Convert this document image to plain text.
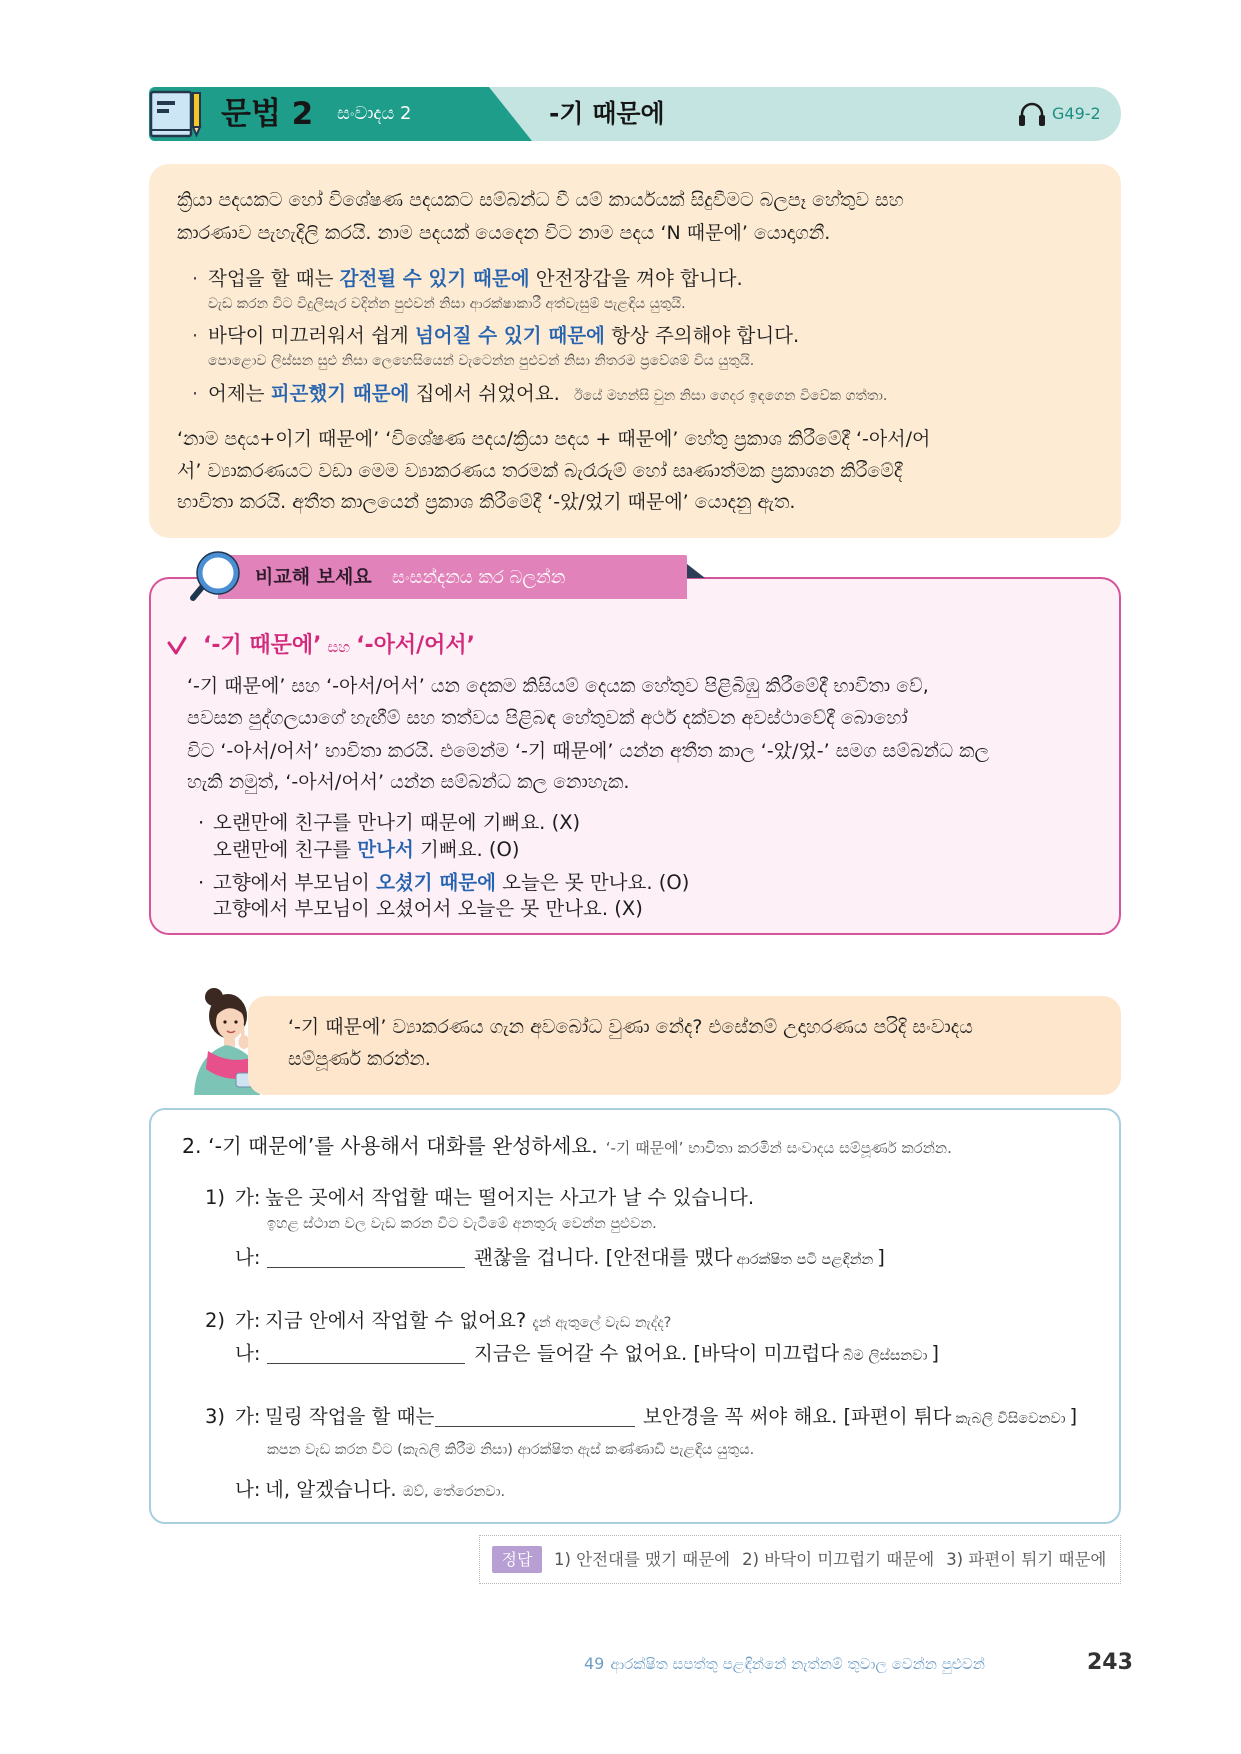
문법 2 සංවාදය 2	-기 때문에	G49-2
ක්‍රියා පදයකට හෝ විශේෂණ පදයකට සම්බන්ධ වී යම් කාර්යයක් සිදුවීමට බලපෑ හේතුව සහ
කාරණාව පැහැදිලි කරයි. නාම පදයක් යෙදෙන විට නාම පදය ‘N 때문에’ යොදාගනී.
· 작업을 할 때는 감전될 수 있기 때문에 안전장갑을 껴야 합니다.
වැඩ කරන විට විදුලිසැර වදින්න පුළුවන් නිසා ආරක්ෂාකාරී අත්වැසුම් පැළඳිය යුතුයි.
· 바닥이 미끄러워서 쉽게 넘어질 수 있기 때문에 항상 주의해야 합니다.
පොළොව ලිස්සන සුළු නිසා ලෙහෙසියෙන් වැටෙන්න පුළුවන් නිසා නිතරම ප්‍රවේශම් විය යුතුයි.
· 어제는 피곤했기 때문에 집에서 쉬었어요. ඊයේ මහන්සි වුන නිසා ගෙදර ඉඳගෙන විවේක ගත්තා.
‘නාම පදය+이기 때문에’ ‘විශේෂණ පදය/ක්‍රියා පදය + 때문에’ හේතු ප්‍රකාශ කිරීමේදී ‘-아서/어
서’ ව්‍යාකරණයට වඩා මෙම ව්‍යාකරණය තරමක් බැරෑරුම් හෝ සෘණාත්මක ප්‍රකාශන කිරීමේදී
භාවිතා කරයි. අතීත කාලයෙන් ප්‍රකාශ කිරීමේදී ‘-았/었기 때문에’ යොදනු ඇත.
‘-기 때문에’ සහ ‘-아서/어서’
‘-기 때문에’ සහ ‘-아서/어서’ යන දෙකම කිසියම් දෙයක හේතුව පිළිබිඹු කිරීමේදී භාවිතා වේ,
පවසන පුද්ගලයාගේ හැඟීම් සහ තත්වය පිළිබඳ හේතුවක් අර්ථ දක්වන අවස්ථාවේදී බොහෝ
විට ‘-아서/어서’ භාවිතා කරයි. එමෙන්ම ‘-기 때문에’ යන්න අතීත කාල ‘-았/었-’ සමග සම්බන්ධ කල
හැකි නමුත්, ‘-아서/어서’ යන්න සම්බන්ධ කල නොහැක.
· 오랜만에 친구를 만나기 때문에 기뻐요. (X)
오랜만에 친구를 만나서 기뻐요. (O)
· 고향에서 부모님이 오셨기 때문에 오늘은 못 만나요. (O)
고향에서 부모님이 오셨어서 오늘은 못 만나요. (X)
비교해 보세요 සංසන්දනය කර බලන්න
‘-기 때문에’ ව්‍යාකරණය ගැන අවබෝධ වුණා නේද? එසේනම් උදාහරණය පරිදි සංවාදය
සම්පූර්ණ කරන්න.
2. ‘-기 때문에’를 사용해서 대화를 완성하세요. ‘-기 때문에’ භාවිතා කරමින් සංවාදය සම්පූර්ණ කරන්න.
1) 가: 높은 곳에서 작업할 때는 떨어지는 사고가 날 수 있습니다.
ඉහළ ස්ථාන වල වැඩ කරන විට වැටීමේ අනතුරු වෙන්න පුළුවන.
나:	괜찮을 겁니다. [안전대를 맸다 ආරක්ෂිත පටි පළඳින්න ]
2) 가: 지금 안에서 작업할 수 없어요? දැන් ඇතුලේ වැඩ නැද්ද?
나:	지금은 들어갈 수 없어요. [바닥이 미끄럽다 බිම ලිස්සනවා ]
3) 가: 밀링 작업을 할 때는	보안경을 꼭 써야 해요. [파편이 튀다 කැබලි විසිවෙනවා ]
කපන වැඩ කරන විට (කැබලි කිරීම නිසා) ආරක්ෂිත ඇස් කණ්ණාඩි පැළඳිය යුතුය.
나: 네, 알겠습니다. ඔව්, තේරෙනවා.
정답	1) 안전대를 맸기 때문에 2) 바닥이 미끄럽기 때문에 3) 파편이 튀기 때문에
49 ආරක්ෂිත සපත්තු පළඳින්නේ නැත්නම් තුවාල වෙන්න පුළුවන්	243
